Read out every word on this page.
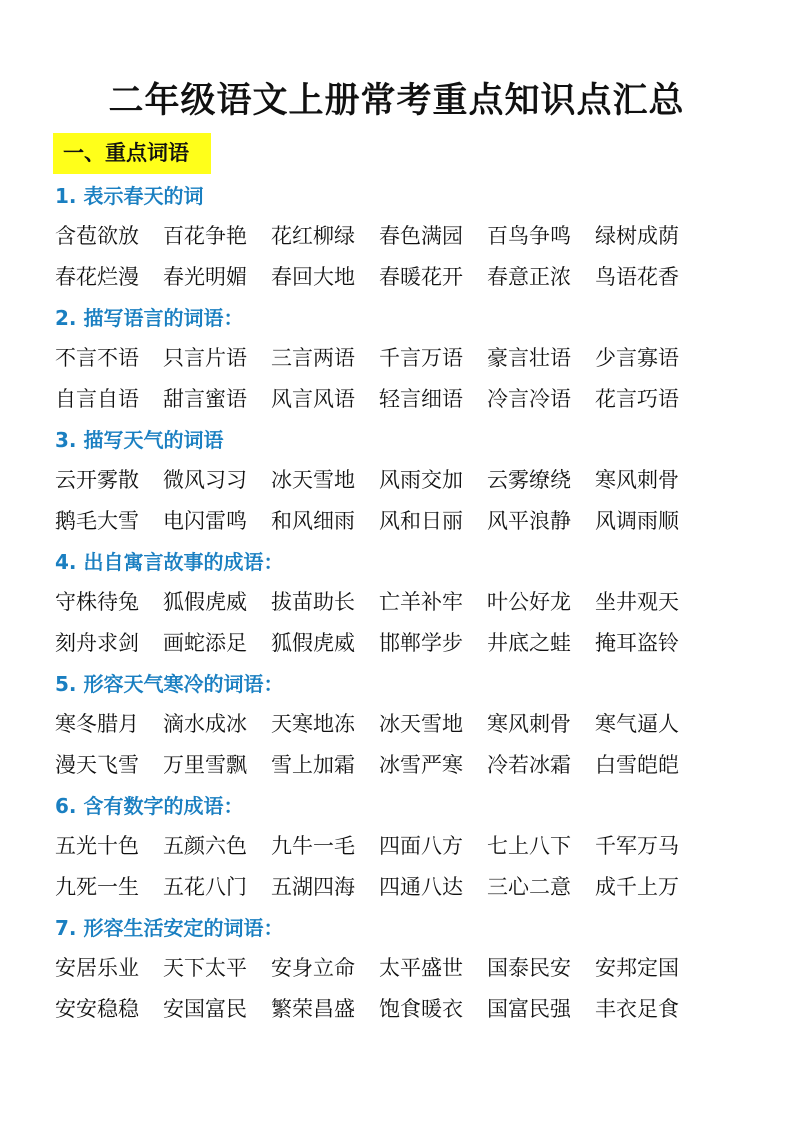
二年级语文上册常考重点知识点汇总
一、重点词语
1. 表示春天的词
含苞欲放	百花争艳	花红柳绿	春色满园	百鸟争鸣	绿树成荫
春花烂漫	春光明媚	春回大地	春暖花开	春意正浓	鸟语花香
2. 描写语言的词语：
不言不语	只言片语	三言两语	千言万语	豪言壮语	少言寡语
自言自语	甜言蜜语	风言风语	轻言细语	冷言冷语	花言巧语
3. 描写天气的词语
云开雾散	微风习习	冰天雪地	风雨交加	云雾缭绕	寒风刺骨
鹅毛大雪	电闪雷鸣	和风细雨	风和日丽	风平浪静	风调雨顺
4. 出自寓言故事的成语：
守株待兔	狐假虎威	拔苗助长	亡羊补牢	叶公好龙	坐井观天
刻舟求剑	画蛇添足	狐假虎威	邯郸学步	井底之蛙	掩耳盗铃
5. 形容天气寒冷的词语：
寒冬腊月	滴水成冰	天寒地冻	冰天雪地	寒风刺骨	寒气逼人
漫天飞雪	万里雪飘	雪上加霜	冰雪严寒	冷若冰霜	白雪皑皑
6. 含有数字的成语：
五光十色	五颜六色	九牛一毛	四面八方	七上八下	千军万马
九死一生	五花八门	五湖四海	四通八达	三心二意	成千上万
7. 形容生活安定的词语：
安居乐业	天下太平	安身立命	太平盛世	国泰民安	安邦定国
安安稳稳	安国富民	繁荣昌盛	饱食暖衣	国富民强	丰衣足食
